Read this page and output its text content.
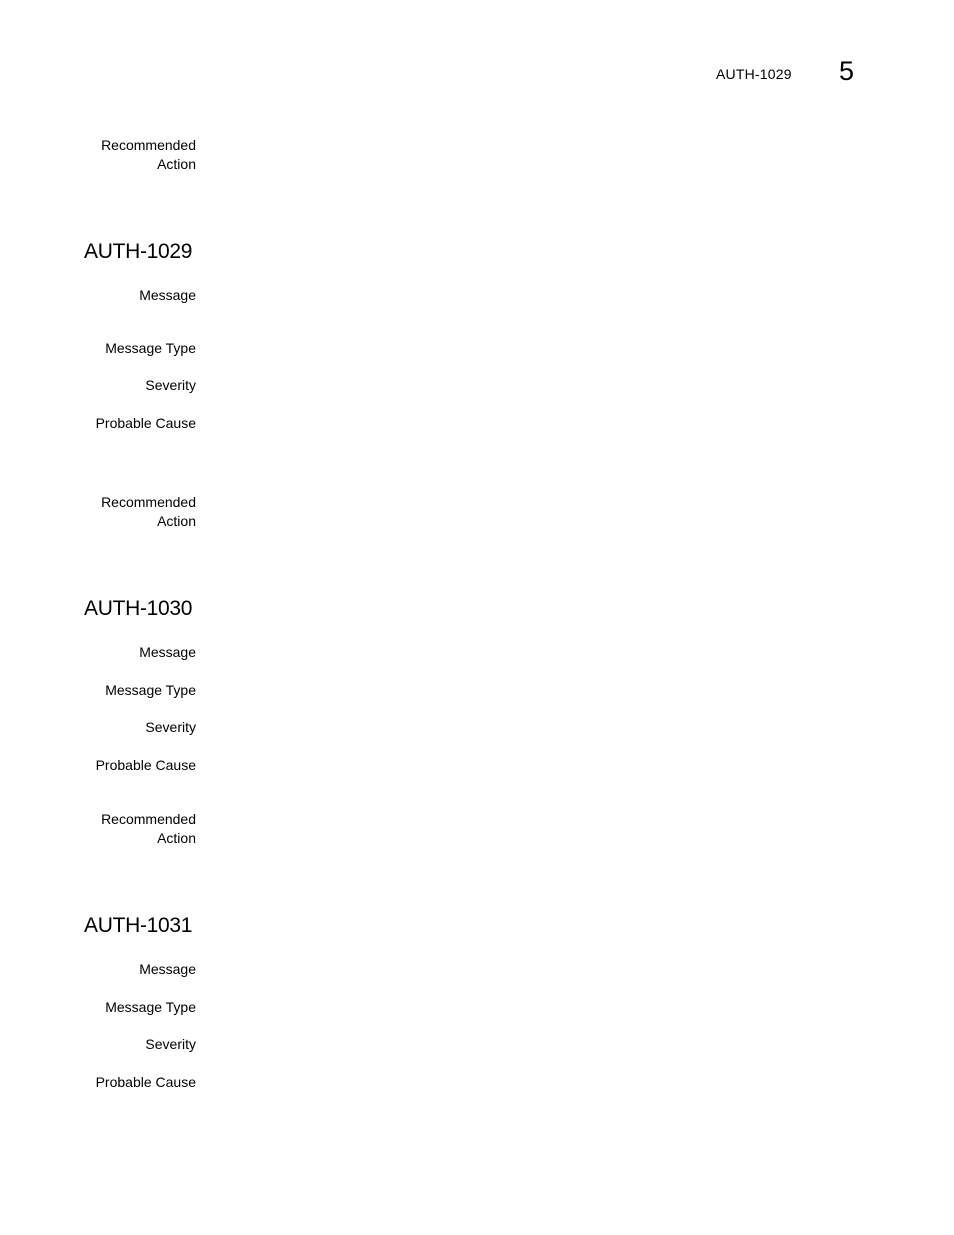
AUTH-1029 5
Recommended
Action
AUTH-1029
Message
Message Type
Severity
Probable Cause
Recommended
Action
AUTH-1030
Message
Message Type
Severity
Probable Cause
Recommended
Action
AUTH-1031
Message
Message Type
Severity
Probable Cause
